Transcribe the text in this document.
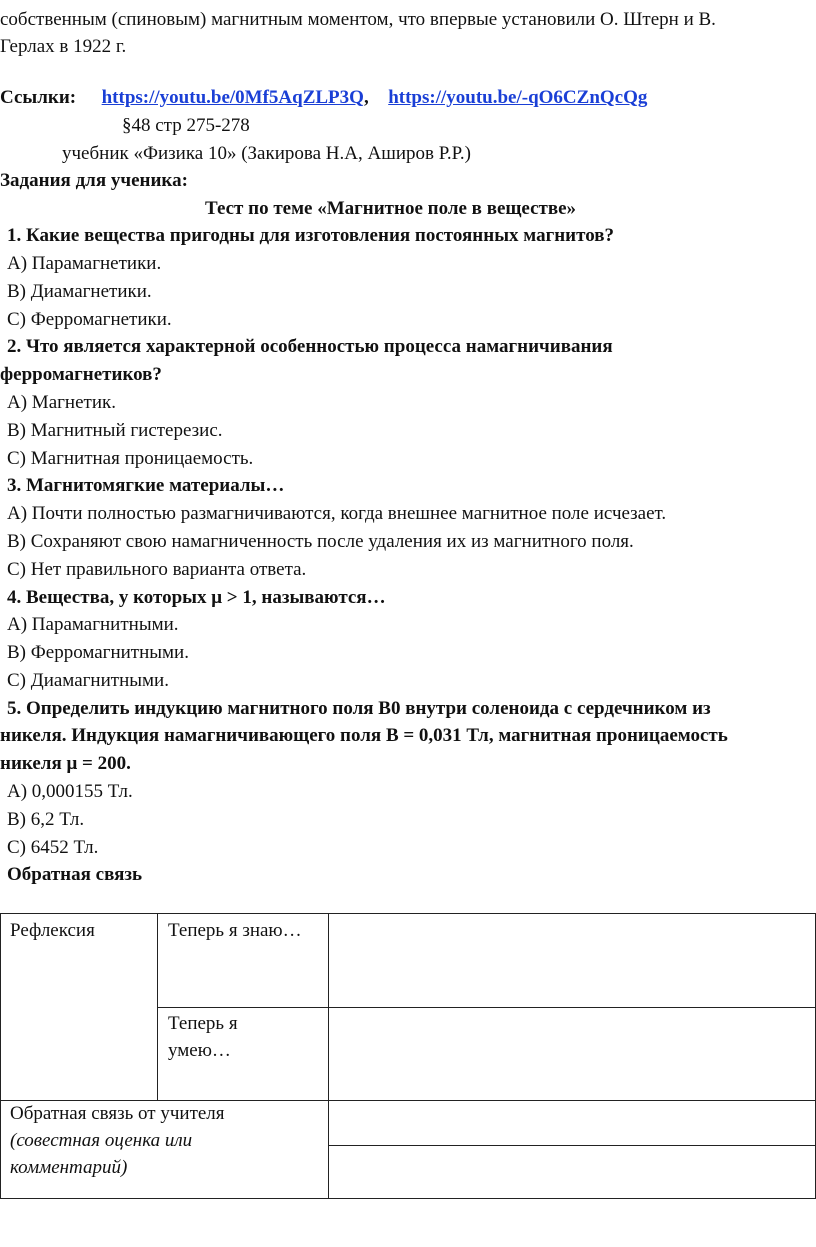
собственным (спиновым) магнитным моментом, что впервые установили О. Штерн и В.
Герлах в 1922 г.
Ссылки: https://youtu.be/0Mf5AqZLP3Q, https://youtu.be/-qO6CZnQcQg
§48 стр 275-278
учебник «Физика 10» (Закирова Н.А, Аширов Р.Р.)
Задания для ученика:
Тест по теме «Магнитное поле в веществе»
1. Какие вещества пригодны для изготовления постоянных магнитов?
А) Парамагнетики.
В) Диамагнетики.
С) Ферромагнетики.
2. Что является характерной особенностью процесса намагничивания
ферромагнетиков?
А) Магнетик.
В) Магнитный гистерезис.
С) Магнитная проницаемость.
3. Магнитомягкие материалы…
А) Почти полностью размагничиваются, когда внешнее магнитное поле исчезает.
В) Сохраняют свою намагниченность после удаления их из магнитного поля.
С) Нет правильного варианта ответа.
4. Вещества, у которых μ > 1, называются…
А) Парамагнитными.
В) Ферромагнитными.
С) Диамагнитными.
5. Определить индукцию магнитного поля В0 внутри соленоида с сердечником из
никеля. Индукция намагничивающего поля В = 0,031 Тл, магнитная проницаемость
никеля μ = 200.
А) 0,000155 Тл.
В) 6,2 Тл.
С) 6452 Тл.
Обратная связь
Рефлексия	Теперь я знаю…
Теперь я
умею…
Обратная связь от учителя
(совестная оценка или
комментарий)
